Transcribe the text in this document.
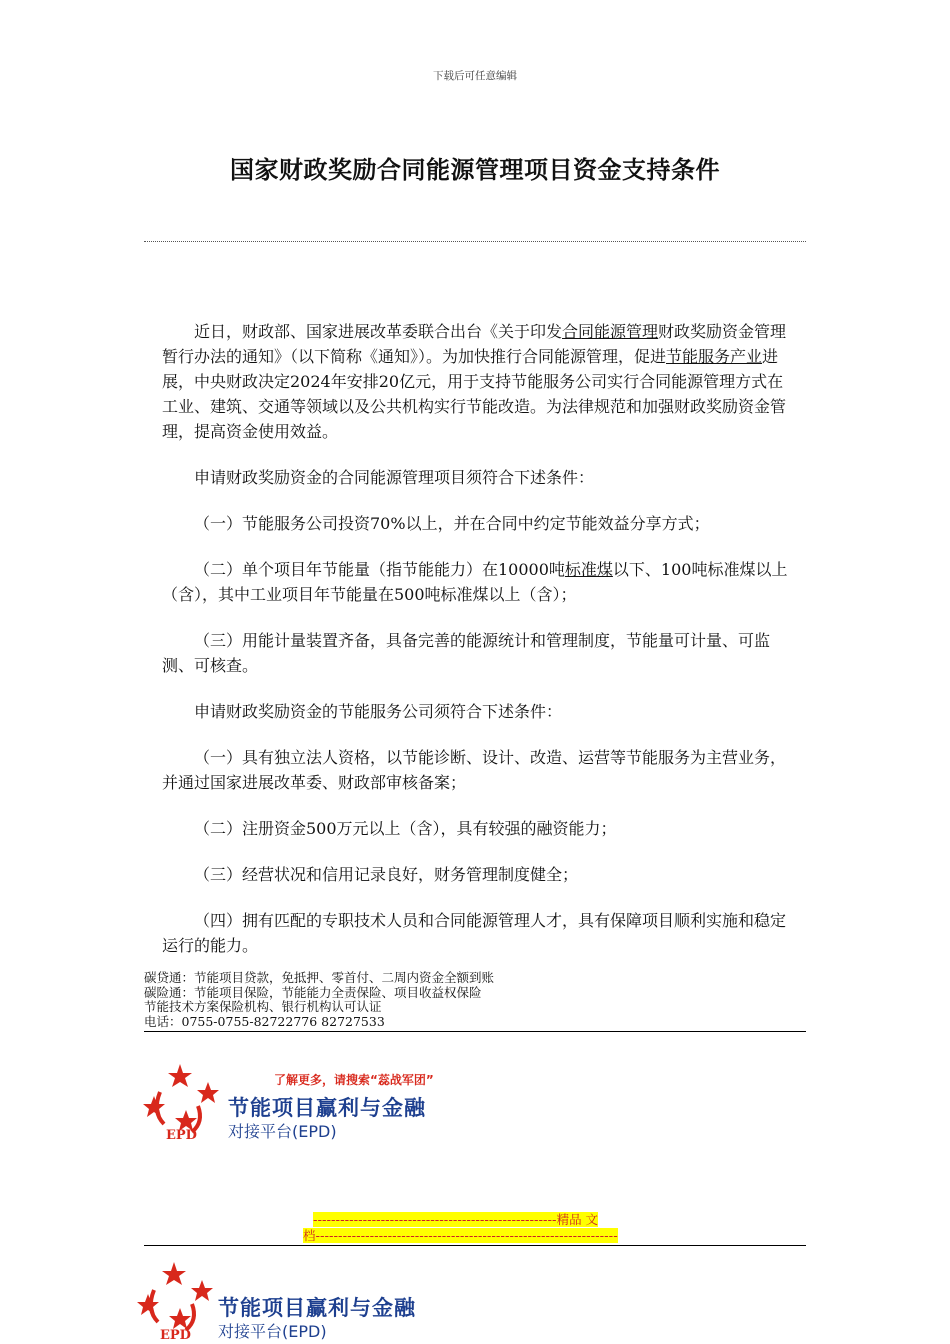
下载后可任意编辑
国家财政奖励合同能源管理项目资金支持条件

近日，财政部、国家进展改革委联合出台《关于印发合同能源管理财政奖励资金管理暂行办法的通知》（以下简称《通知》）。为加快推行合同能源管理，促进节能服务产业进展，中央财政决定2024年安排20亿元，用于支持节能服务公司实行合同能源管理方式在工业、建筑、交通等领域以及公共机构实行节能改造。为法律规范和加强财政奖励资金管理，提高资金使用效益。

申请财政奖励资金的合同能源管理项目须符合下述条件：

（一）节能服务公司投资70%以上，并在合同中约定节能效益分享方式；

（二）单个项目年节能量（指节能能力）在10000吨标准煤以下、100吨标准煤以上（含），其中工业项目年节能量在500吨标准煤以上（含）；

（三）用能计量装置齐备，具备完善的能源统计和管理制度，节能量可计量、可监测、可核查。

申请财政奖励资金的节能服务公司须符合下述条件：

（一）具有独立法人资格，以节能诊断、设计、改造、运营等节能服务为主营业务，并通过国家进展改革委、财政部审核备案；

（二）注册资金500万元以上（含），具有较强的融资能力；

（三）经营状况和信用记录良好，财务管理制度健全；

（四）拥有匹配的专职技术人员和合同能源管理人才，具有保障项目顺利实施和稳定运行的能力。

碳贷通：节能项目贷款，免抵押、零首付、二周内资金全额到账
碳险通：节能项目保险，节能能力全责保险、项目收益权保险
节能技术方案保险机构、银行机构认可认证
电话：0755-0755-82722776 82727533
EPD
了解更多，请搜索“蕊战军团”
节能项目赢利与金融
对接平台(EPD)
------------------------------------------------------精品 文
档-------------------------------------------------------------------
EPD
节能项目赢利与金融
对接平台(EPD)
